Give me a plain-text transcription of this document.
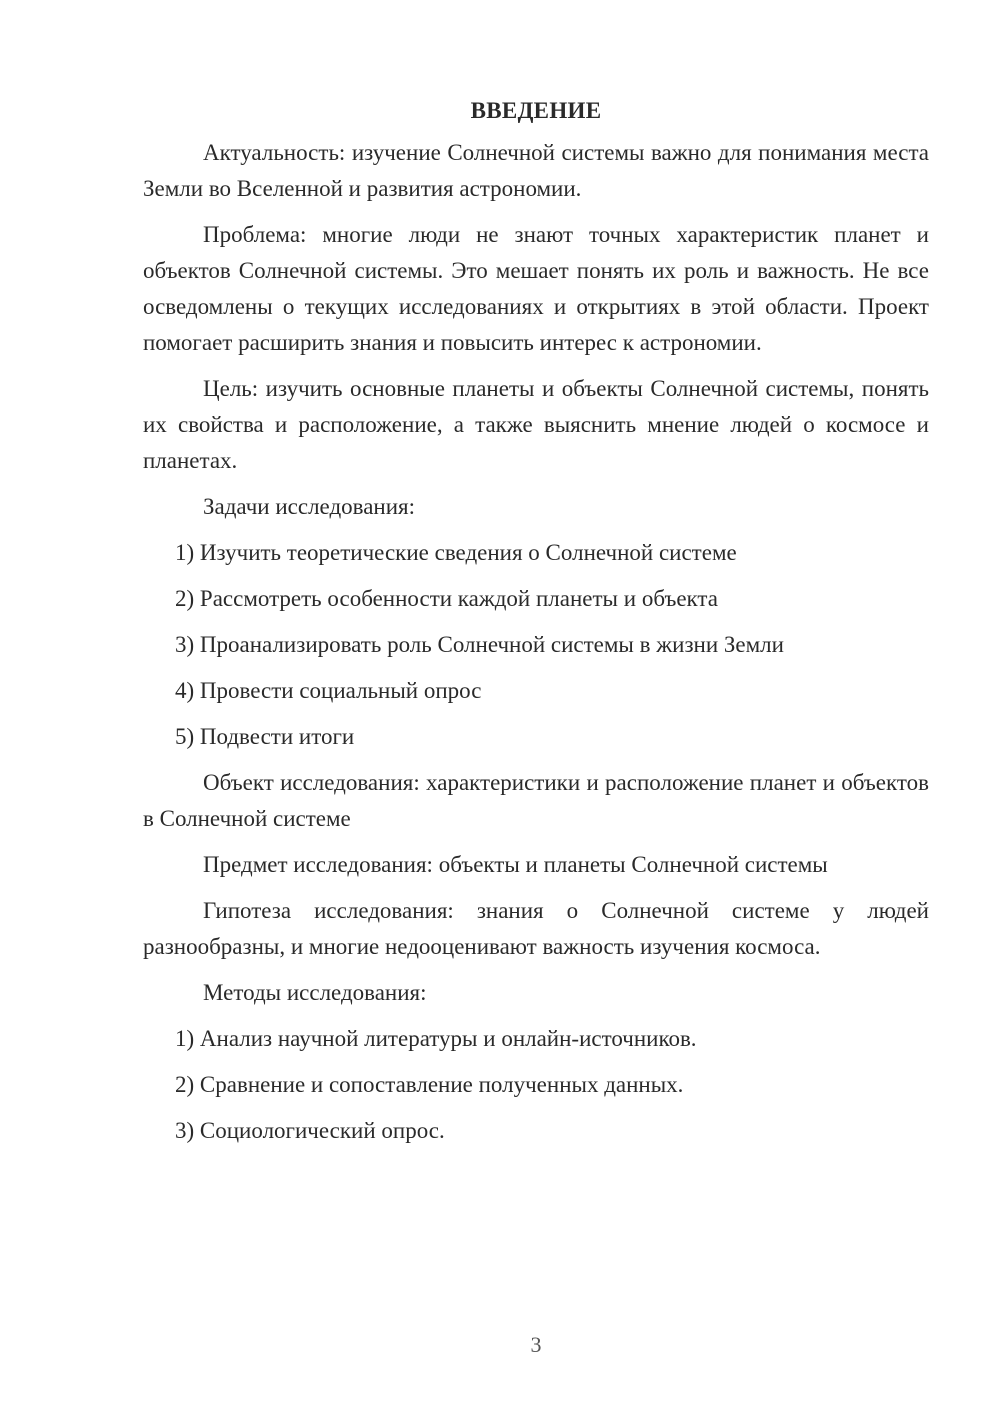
ВВЕДЕНИЕ

Актуальность: изучение Солнечной системы важно для понимания места Земли во Вселенной и развития астрономии.

Проблема: многие люди не знают точных характеристик планет и объектов Солнечной системы. Это мешает понять их роль и важность. Не все осведомлены о текущих исследованиях и открытиях в этой области. Проект помогает расширить знания и повысить интерес к астрономии.

Цель: изучить основные планеты и объекты Солнечной системы, понять их свойства и расположение, а также выяснить мнение людей о космосе и планетах.

Задачи исследования:

1) Изучить теоретические сведения о Солнечной системе
2) Рассмотреть особенности каждой планеты и объекта
3) Проанализировать роль Солнечной системы в жизни Земли
4) Провести социальный опрос
5) Подвести итоги

Объект исследования: характеристики и расположение планет и объектов в Солнечной системе

Предмет исследования: объекты и планеты Солнечной системы

Гипотеза исследования: знания о Солнечной системе у людей разнообразны, и многие недооценивают важность изучения космоса.

Методы исследования:

1) Анализ научной литературы и онлайн-источников.
2) Сравнение и сопоставление полученных данных.
3) Социологический опрос.
3
